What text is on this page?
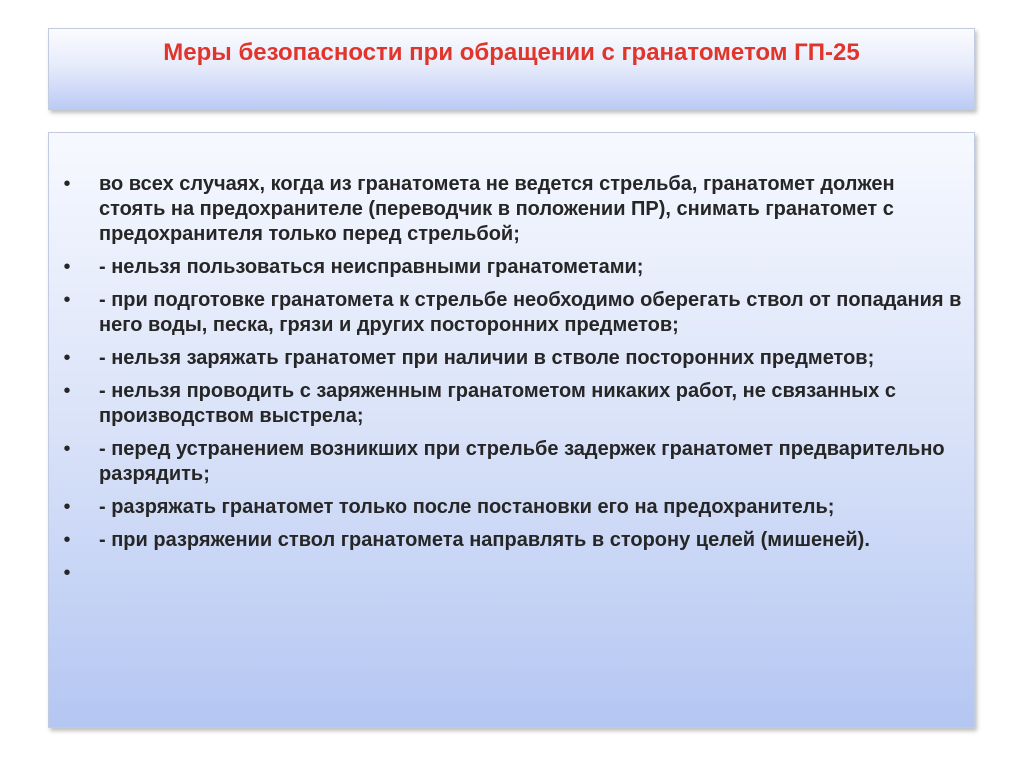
Меры безопасности при обращении с гранатометом ГП-25
• во всех случаях, когда из гранатомета не ведется стрельба, гранатомет должен стоять на предохранителе (переводчик в положении ПР), снимать гранатомет с предохранителя только перед стрельбой;
• - нельзя пользоваться неисправными гранатометами;
• - при подготовке гранатомета к стрельбе необходимо оберегать ствол от попадания в него воды, песка, грязи и других посторонних предметов;
• - нельзя заряжать гранатомет при наличии в стволе посторонних предметов;
• - нельзя проводить с заряженным гранатометом никаких работ, не связанных с производством выстрела;
• - перед устранением возникших при стрельбе задержек гранатомет предварительно разрядить;
• - разряжать гранатомет только после постановки его на предохранитель;
• - при разряжении ствол гранатомета направлять в сторону целей (мишеней).
•
